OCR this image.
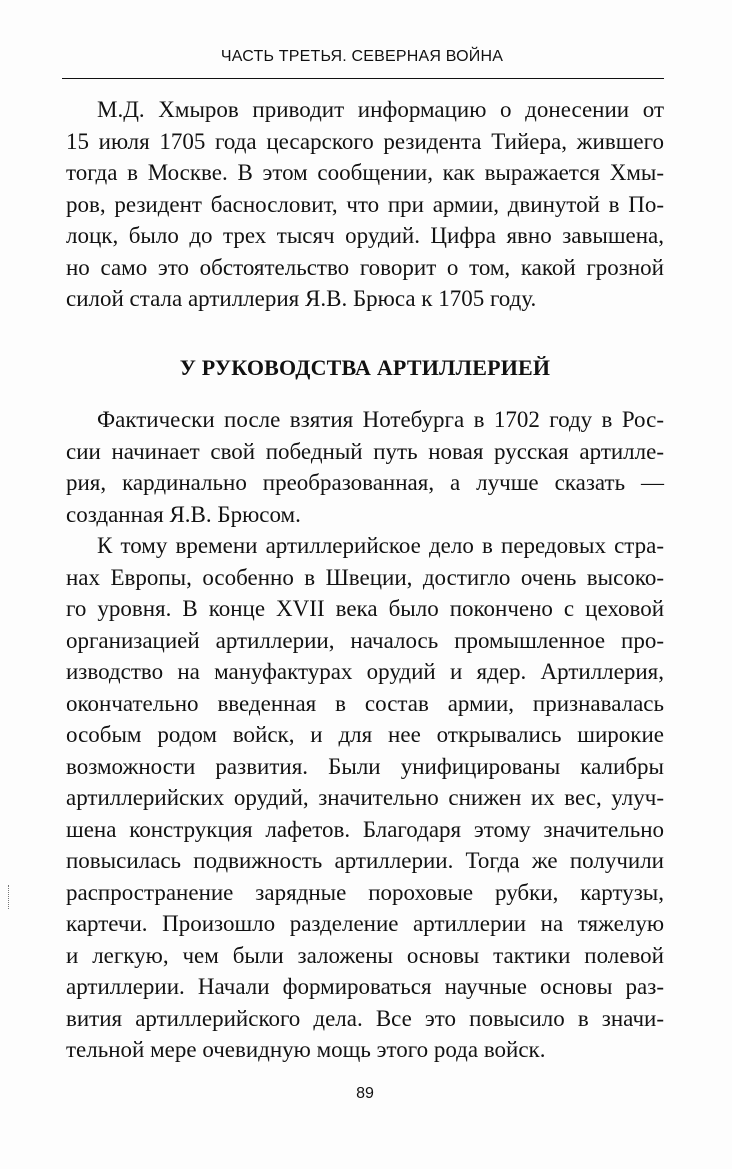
ЧАСТЬ ТРЕТЬЯ. СЕВЕРНАЯ ВОЙНА
М.Д. Хмыров приводит информацию о донесении от
15 июля 1705 года цесарского резидента Тийера, жившего
тогда в Москве. В этом сообщении, как выражается Хмы-
ров, резидент баснословит, что при армии, двинутой в По-
лоцк, было до трех тысяч орудий. Цифра явно завышена,
но само это обстоятельство говорит о том, какой грозной
силой стала артиллерия Я.В. Брюса к 1705 году.
У РУКОВОДСТВА АРТИЛЛЕРИЕЙ
Фактически после взятия Нотебурга в 1702 году в Рос-
сии начинает свой победный путь новая русская артилле-
рия, кардинально преобразованная, а лучше сказать —
созданная Я.В. Брюсом.
К тому времени артиллерийское дело в передовых стра-
нах Европы, особенно в Швеции, достигло очень высоко-
го уровня. В конце XVII века было покончено с цеховой
организацией артиллерии, началось промышленное про-
изводство на мануфактурах орудий и ядер. Артиллерия,
окончательно введенная в состав армии, признавалась
особым родом войск, и для нее открывались широкие
возможности развития. Были унифицированы калибры
артиллерийских орудий, значительно снижен их вес, улуч-
шена конструкция лафетов. Благодаря этому значительно
повысилась подвижность артиллерии. Тогда же получили
распространение зарядные пороховые рубки, картузы,
картечи. Произошло разделение артиллерии на тяжелую
и легкую, чем были заложены основы тактики полевой
артиллерии. Начали формироваться научные основы раз-
вития артиллерийского дела. Все это повысило в значи-
тельной мере очевидную мощь этого рода войск.
89
